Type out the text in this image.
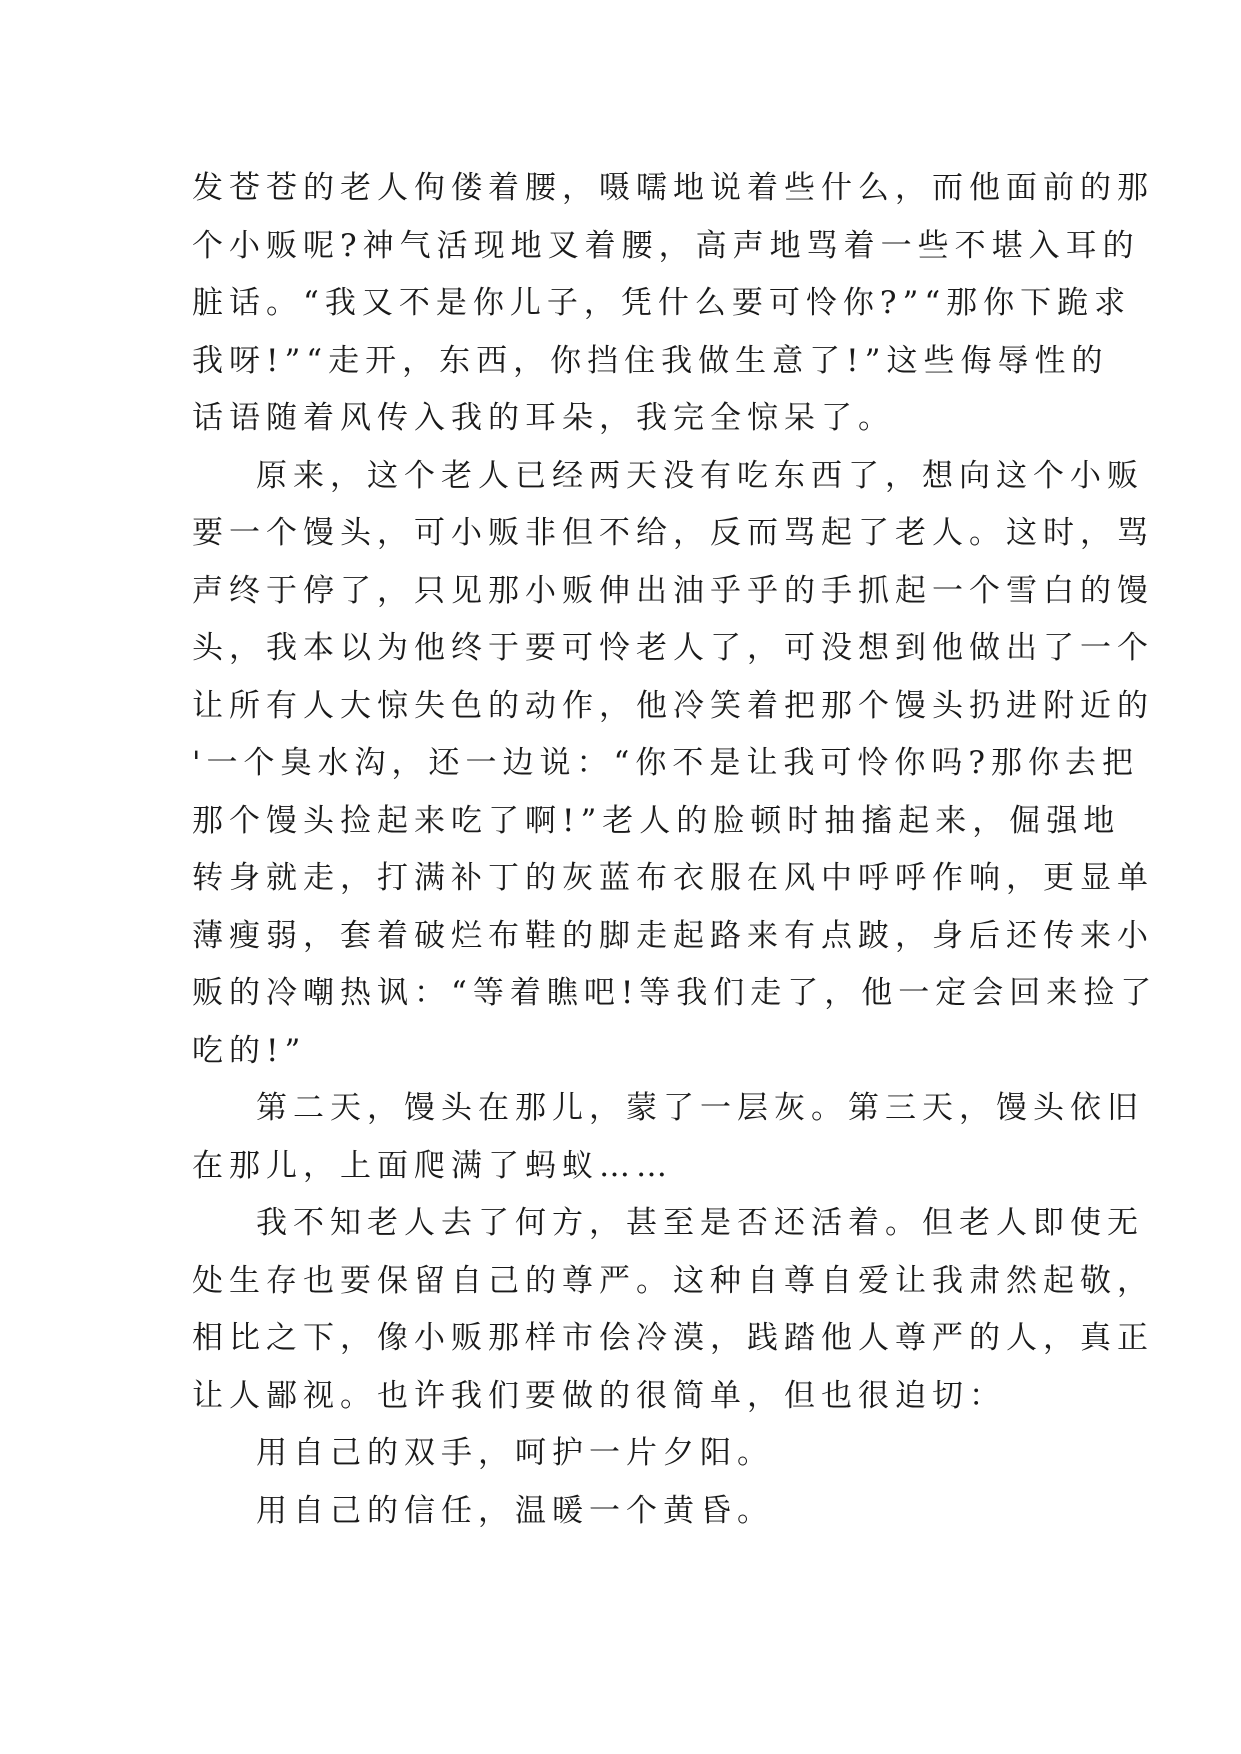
发苍苍的老人佝偻着腰，嗫嚅地说着些什么，而他面前的那
个小贩呢?神气活现地叉着腰，高声地骂着一些不堪入耳的
脏话。“我又不是你儿子，凭什么要可怜你?”“那你下跪求
我呀!”“走开，东西，你挡住我做生意了!”这些侮辱性的
话语随着风传入我的耳朵，我完全惊呆了。
原来，这个老人已经两天没有吃东西了，想向这个小贩
要一个馒头，可小贩非但不给，反而骂起了老人。这时，骂
声终于停了，只见那小贩伸出油乎乎的手抓起一个雪白的馒
头，我本以为他终于要可怜老人了，可没想到他做出了一个
让所有人大惊失色的动作，他冷笑着把那个馒头扔进附近的
'一个臭水沟，还一边说：“你不是让我可怜你吗?那你去把
那个馒头捡起来吃了啊!”老人的脸顿时抽搐起来，倔强地
转身就走，打满补丁的灰蓝布衣服在风中呼呼作响，更显单
薄瘦弱，套着破烂布鞋的脚走起路来有点跛，身后还传来小
贩的冷嘲热讽：“等着瞧吧!等我们走了，他一定会回来捡了
吃的!”
第二天，馒头在那儿，蒙了一层灰。第三天，馒头依旧
在那儿，上面爬满了蚂蚁……
我不知老人去了何方，甚至是否还活着。但老人即使无
处生存也要保留自己的尊严。这种自尊自爱让我肃然起敬，
相比之下，像小贩那样市侩冷漠，践踏他人尊严的人，真正
让人鄙视。也许我们要做的很简单，但也很迫切：
用自己的双手，呵护一片夕阳。
用自己的信任，温暖一个黄昏。
